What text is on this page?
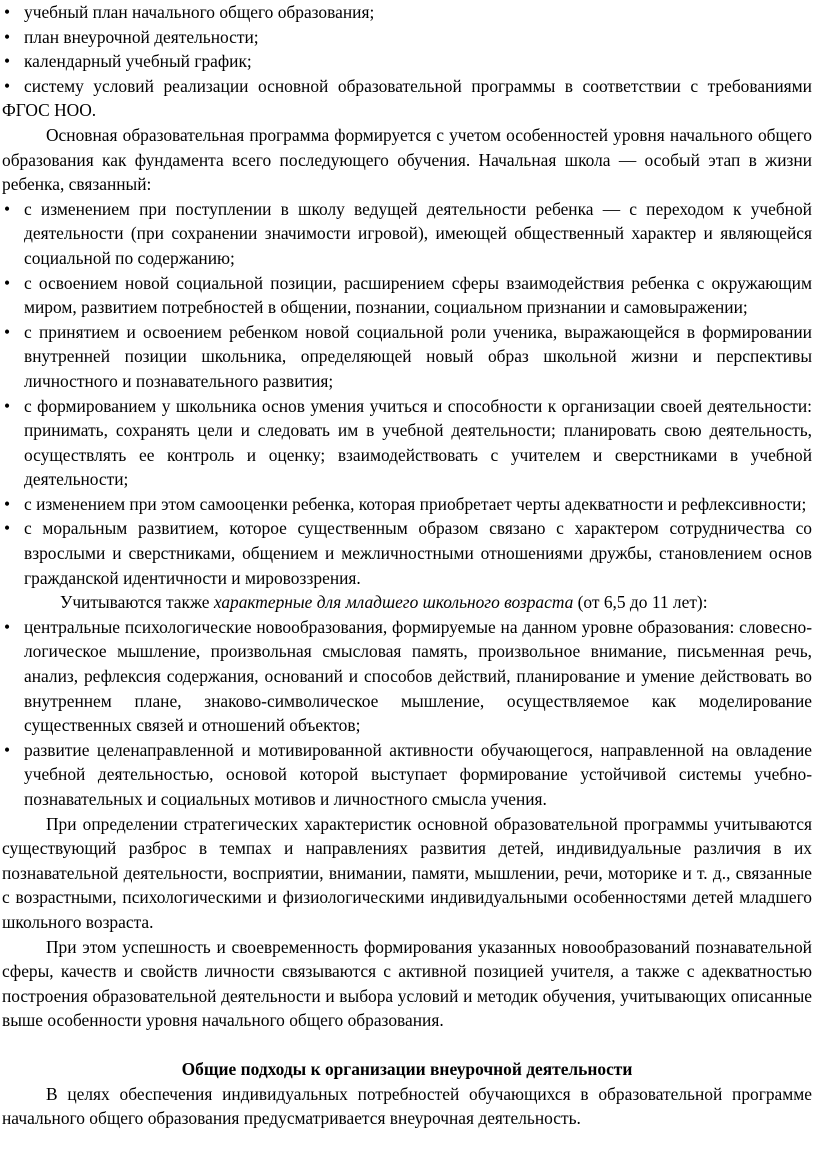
• учебный план начального общего образования;
• план внеурочной деятельности;
• календарный учебный график;
• систему условий реализации основной образовательной программы в соответствии с требованиями ФГОС НОО.

Основная образовательная программа формируется с учетом особенностей уровня начального общего образования как фундамента всего последующего обучения. Начальная школа — особый этап в жизни ребенка, связанный:

• с изменением при поступлении в школу ведущей деятельности ребенка — с переходом к учебной деятельности (при сохранении значимости игровой), имеющей общественный характер и являющейся социальной по содержанию;
• с освоением новой социальной позиции, расширением сферы взаимодействия ребенка с окружающим миром, развитием потребностей в общении, познании, социальном признании и самовыражении;
• с принятием и освоением ребенком новой социальной роли ученика, выражающейся в формировании внутренней позиции школьника, определяющей новый образ школьной жизни и перспективы личностного и познавательного развития;
• с формированием у школьника основ умения учиться и способности к организации своей деятельности: принимать, сохранять цели и следовать им в учебной деятельности; планировать свою деятельность, осуществлять ее контроль и оценку; взаимодействовать с учителем и сверстниками в учебной деятельности;
• с изменением при этом самооценки ребенка, которая приобретает черты адекватности и рефлексивности;
• с моральным развитием, которое существенным образом связано с характером сотрудничества со взрослыми и сверстниками, общением и межличностными отношениями дружбы, становлением основ гражданской идентичности и мировоззрения.

Учитываются также характерные для младшего школьного возраста (от 6,5 до 11 лет):

• центральные психологические новообразования, формируемые на данном уровне образования: словесно- логическое мышление, произвольная смысловая память, произвольное внимание, письменная речь, анализ, рефлексия содержания, оснований и способов действий, планирование и умение действовать во внутреннем плане, знаково-символическое мышление, осуществляемое как моделирование существенных связей и отношений объектов;
• развитие целенаправленной и мотивированной активности обучающегося, направленной на овладение учебной деятельностью, основой которой выступает формирование устойчивой системы учебно-познавательных и социальных мотивов и личностного смысла учения.

При определении стратегических характеристик основной образовательной программы учитываются существующий разброс в темпах и направлениях развития детей, индивидуальные различия в их познавательной деятельности, восприятии, внимании, памяти, мышлении, речи, моторике и т. д., связанные с возрастными, психологическими и физиологическими индивидуальными особенностями детей младшего школьного возраста.

При этом успешность и своевременность формирования указанных новообразований познавательной сферы, качеств и свойств личности связываются с активной позицией учителя, а также с адекватностью построения образовательной деятельности и выбора условий и методик обучения, учитывающих описанные выше особенности уровня начального общего образования.

Общие подходы к организации внеурочной деятельности

В целях обеспечения индивидуальных потребностей обучающихся в образовательной программе начального общего образования предусматривается внеурочная деятельность.
